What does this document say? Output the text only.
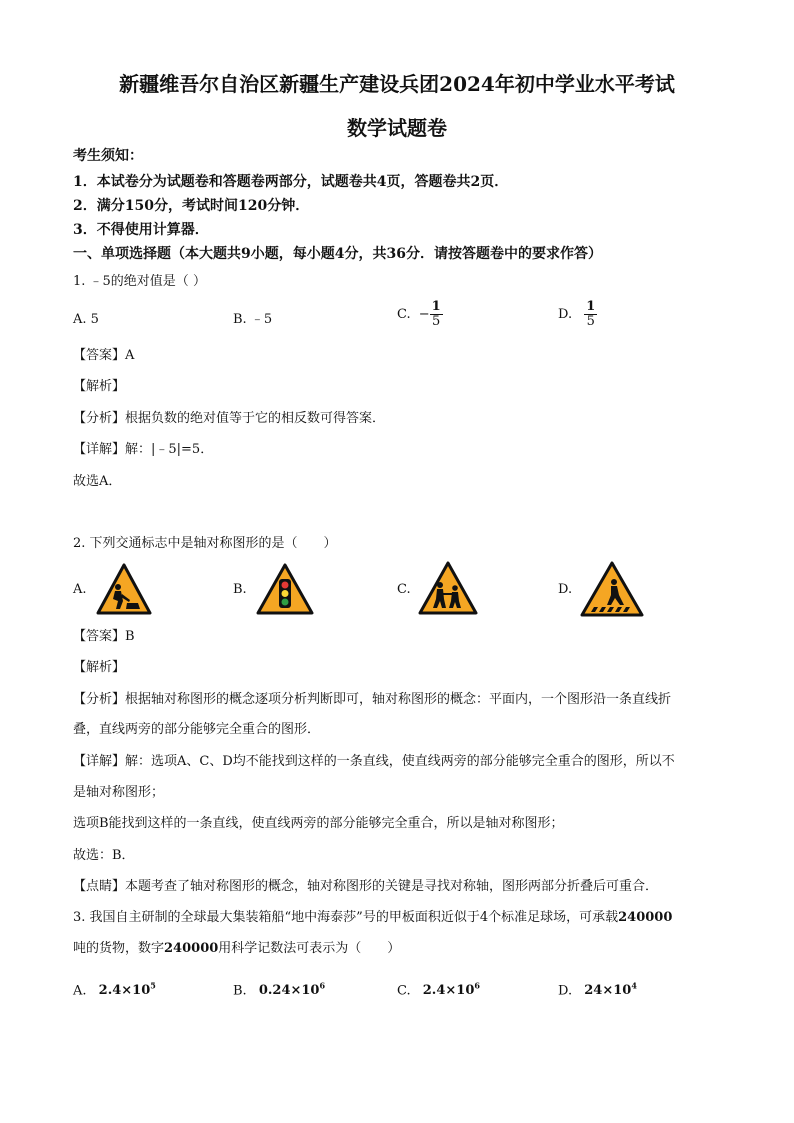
新疆维吾尔自治区新疆生产建设兵团2024年初中学业水平考试
数学试题卷
考生须知：
1．本试卷分为试题卷和答题卷两部分，试题卷共4页，答题卷共2页．
2．满分150分，考试时间120分钟．
3．不得使用计算器．
一、单项选择题（本大题共9小题，每小题4分，共36分．请按答题卷中的要求作答）
1. ﹣5的绝对值是（ ）
A. 5	B. ﹣5	C. − $\frac{1}{5}$	D. $\frac{1}{5}$
【答案】A
【解析】
【分析】根据负数的绝对值等于它的相反数可得答案．
【详解】解：|﹣5|=5．
故选A．
2. 下列交通标志中是轴对称图形的是（　　）
A.	B.	C.	D.
【答案】B
【解析】
【分析】根据轴对称图形的概念逐项分析判断即可，轴对称图形的概念：平面内，一个图形沿一条直线折
叠，直线两旁的部分能够完全重合的图形．
【详解】解：选项A、C、D均不能找到这样的一条直线，使直线两旁的部分能够完全重合的图形，所以不
是轴对称图形；
选项B能找到这样的一条直线，使直线两旁的部分能够完全重合，所以是轴对称图形；
故选：B．
【点睛】本题考查了轴对称图形的概念，轴对称图形的关键是寻找对称轴，图形两部分折叠后可重合．
3. 我国自主研制的全球最大集装箱船“地中海泰莎”号的甲板面积近似于4个标准足球场，可承载240000
吨的货物，数字240000用科学记数法可表示为（　　）
A. $2.4\times 10^5$	B. $0.24\times 10^6$	C. $2.4\times 10^6$	D. $24\times 10^4$
